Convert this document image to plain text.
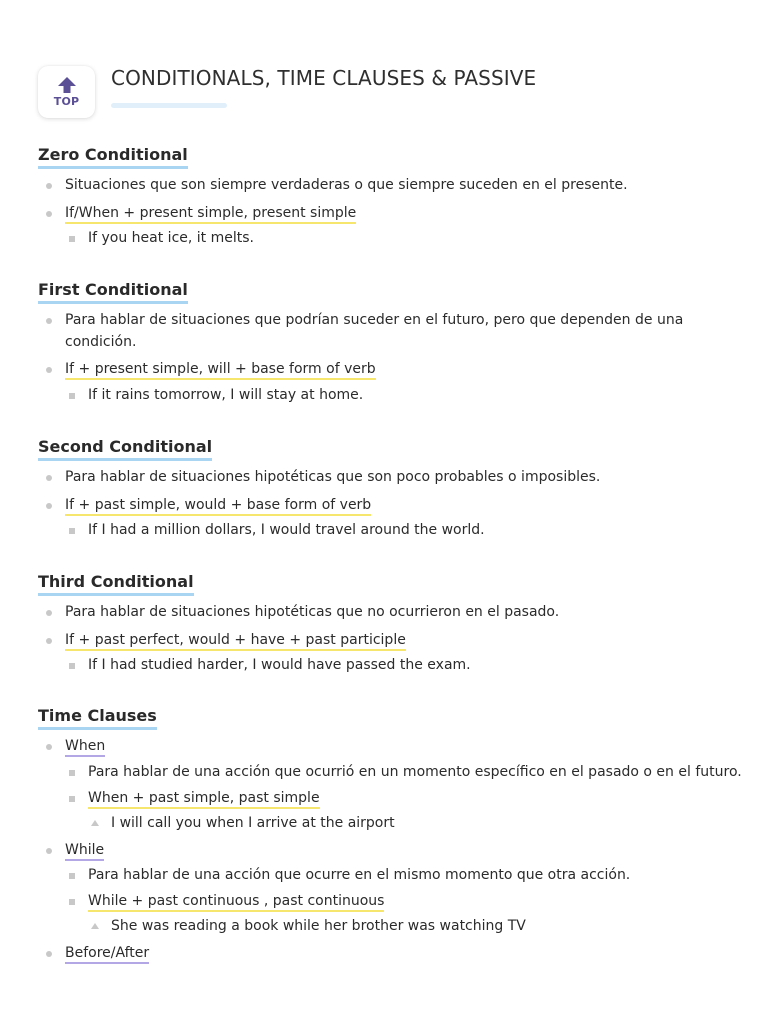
TOP
CONDITIONALS, TIME CLAUSES & PASSIVE
Zero Conditional
Situaciones que son siempre verdaderas o que siempre suceden en el presente.
If/When + present simple, present simple
If you heat ice, it melts.
First Conditional
Para hablar de situaciones que podrían suceder en el futuro, pero que dependen de una condición.
If + present simple, will + base form of verb
If it rains tomorrow, I will stay at home.
Second Conditional
Para hablar de situaciones hipotéticas que son poco probables o imposibles.
If + past simple, would + base form of verb
If I had a million dollars, I would travel around the world.
Third Conditional
Para hablar de situaciones hipotéticas que no ocurrieron en el pasado.
If + past perfect, would + have + past participle
If I had studied harder, I would have passed the exam.
Time Clauses
When
Para hablar de una acción que ocurrió en un momento específico en el pasado o en el futuro.
When + past simple, past simple
I will call you when I arrive at the airport
While
Para hablar de una acción que ocurre en el mismo momento que otra acción.
While + past continuous , past continuous
She was reading a book while her brother was watching TV
Before/After
